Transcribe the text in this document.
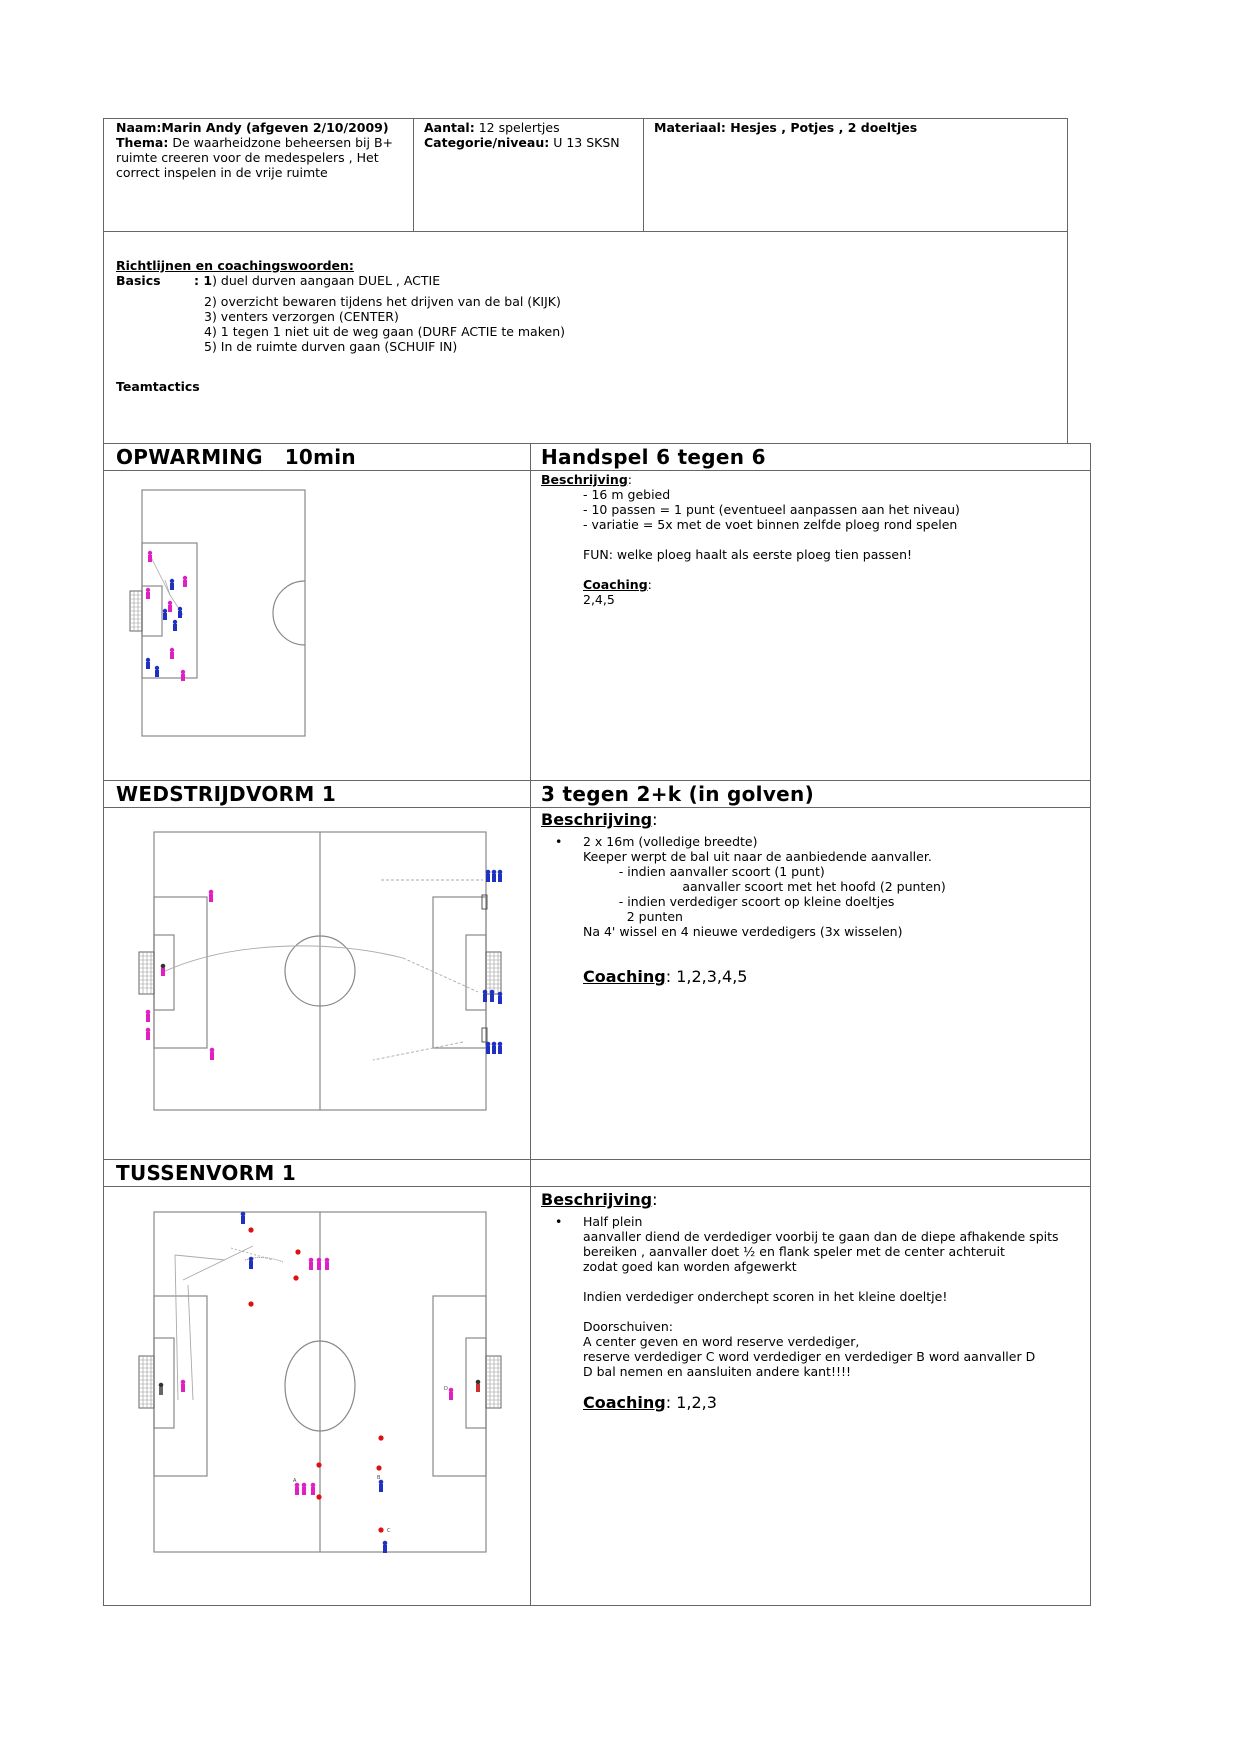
Naam:Marin Andy (afgeven 2/10/2009)
Thema: De waarheidzone beheersen bij B+
ruimte creeren voor de medespelers , Het
correct inspelen in de vrije ruimte
Aantal: 12 spelertjes
Categorie/niveau: U 13 SKSN
Materiaal: Hesjes , Potjes , 2 doeltjes
Richtlijnen en coachingswoorden:
Basics	: 1) duel durven aangaan DUEL , ACTIE
2) overzicht bewaren tijdens het drijven van de bal (KIJK)
3) venters verzorgen (CENTER)
4) 1 tegen 1 niet uit de weg gaan (DURF ACTIE te maken)
5) In de ruimte durven gaan (SCHUIF IN)
Teamtactics
OPWARMING   10min	Handspel 6 tegen 6
WEDSTRIJDVORM 1	3 tegen 2+k (in golven)
TUSSENVORM 1
Beschrijving:
- 16 m gebied
- 10 passen = 1 punt (eventueel aanpassen aan het niveau)
- variatie = 5x met de voet binnen zelfde ploeg rond spelen
FUN: welke ploeg haalt als eerste ploeg tien passen!
Coaching:
2,4,5
Beschrijving:
• 2 x 16m (volledige breedte)
Keeper werpt de bal uit naar de aanbiedende aanvaller.
- indien aanvaller scoort (1 punt)
aanvaller scoort met het hoofd (2 punten)
- indien verdediger scoort op kleine doeltjes
2 punten
Na 4' wissel en 4 nieuwe verdedigers (3x wisselen)
Coaching: 1,2,3,4,5
Beschrijving:
• Half plein
aanvaller diend de verdediger voorbij te gaan dan de diepe afhakende spits
bereiken , aanvaller doet ½ en flank speler met de center achteruit
zodat goed kan worden afgewerkt
Indien verdediger onderchept scoren in het kleine doeltje!
Doorschuiven:
A center geven en word reserve verdediger,
reserve verdediger C word verdediger en verdediger B word aanvaller D
D bal nemen en aansluiten andere kant!!!!
Coaching: 1,2,3
A	B
C
D
